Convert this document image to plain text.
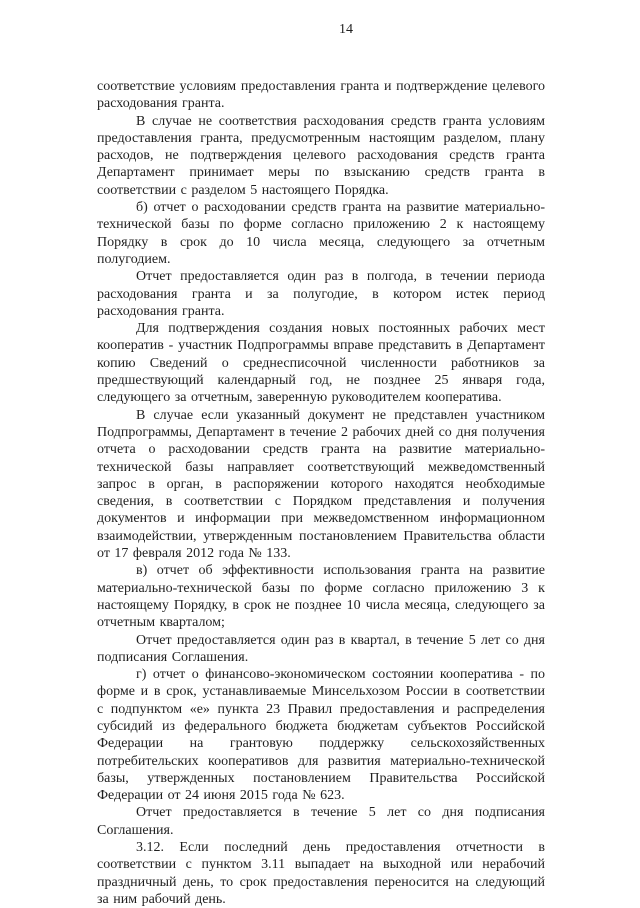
14

соответствие условиям предоставления гранта и подтверждение целевого расходования гранта.

В случае не соответствия расходования средств гранта условиям предоставления гранта, предусмотренным настоящим разделом, плану расходов, не подтверждения целевого расходования средств гранта Департамент принимает меры по взысканию средств гранта в соответствии с разделом 5 настоящего Порядка.

б) отчет о расходовании средств гранта на развитие материально-технической базы по форме согласно приложению 2 к настоящему Порядку в срок до 10 числа месяца, следующего за отчетным полугодием.

Отчет предоставляется один раз в полгода, в течении периода расходования гранта и за полугодие, в котором истек период расходования гранта.

Для подтверждения создания новых постоянных рабочих мест кооператив - участник Подпрограммы вправе представить в Департамент копию Сведений о среднесписочной численности работников за предшествующий календарный год, не позднее 25 января года, следующего за отчетным, заверенную руководителем кооператива.

В случае если указанный документ не представлен участником Подпрограммы, Департамент в течение 2 рабочих дней со дня получения отчета о расходовании средств гранта на развитие материально-технической базы направляет соответствующий межведомственный запрос в орган, в распоряжении которого находятся необходимые сведения, в соответствии с Порядком представления и получения документов и информации при межведомственном информационном взаимодействии, утвержденным постановлением Правительства области от 17 февраля 2012 года № 133.

в) отчет об эффективности использования гранта на развитие материально-технической базы по форме согласно приложению 3 к настоящему Порядку, в срок не позднее 10 числа месяца, следующего за отчетным кварталом;

Отчет предоставляется один раз в квартал, в течение 5 лет со дня подписания Соглашения.

г) отчет о финансово-экономическом состоянии кооператива - по форме и в срок, устанавливаемые Минсельхозом России в соответствии с подпунктом «е» пункта 23 Правил предоставления и распределения субсидий из федерального бюджета бюджетам субъектов Российской Федерации на грантовую поддержку сельскохозяйственных потребительских кооперативов для развития материально-технической базы, утвержденных постановлением Правительства Российской Федерации от 24 июня 2015 года № 623.

Отчет предоставляется в течение 5 лет со дня подписания Соглашения.

3.12. Если последний день предоставления отчетности в соответствии с пунктом 3.11 выпадает на выходной или нерабочий праздничный день, то срок предоставления переносится на следующий за ним рабочий день.
